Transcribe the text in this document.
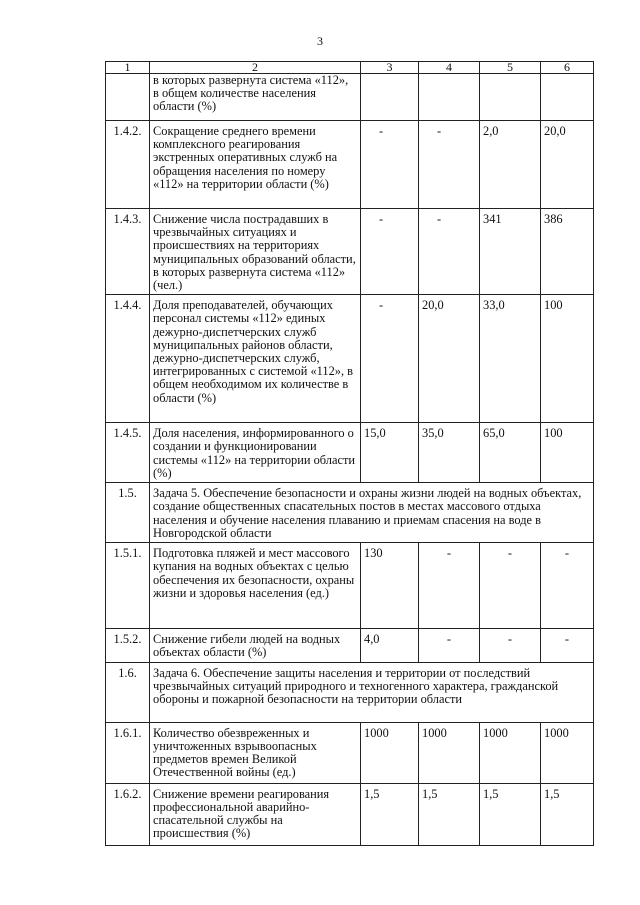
3
1	2	3	4	5	6
	в которых развернута система «112», в общем количестве населения области (%)				
1.4.2.	Сокращение среднего времени комплексного реагирования экстренных оперативных служб на обращения населения по номеру «112» на территории области (%)	-	-	2,0	20,0
1.4.3.	Снижение числа пострадавших в чрезвычайных ситуациях и происшествиях на территориях муниципальных образований области, в которых развернута система «112» (чел.)	-	-	341	386
1.4.4.	Доля преподавателей, обучающих персонал системы «112» единых дежурно-диспетчерских служб муниципальных районов области, дежурно-диспетчерских служб, интегрированных с системой «112», в общем необходимом их количестве в области (%)	-	20,0	33,0	100
1.4.5.	Доля населения, информированного о создании и функционировании системы «112» на территории области (%)	15,0	35,0	65,0	100
1.5.	Задача 5. Обеспечение безопасности и охраны жизни людей на водных объектах, создание общественных спасательных постов в местах массового отдыха населения и обучение населения плаванию и приемам спасения на воде в Новгородской области				
1.5.1.	Подготовка пляжей и мест массового купания на водных объектах с целью обеспечения их безопасности, охраны жизни и здоровья населения (ед.)	130	-	-	-
1.5.2.	Снижение гибели людей на водных объектах области (%)	4,0	-	-	-
1.6.	Задача 6. Обеспечение защиты населения и территории от последствий чрезвычайных ситуаций природного и техногенного характера, гражданской обороны и пожарной безопасности на территории области				
1.6.1.	Количество обезвреженных и уничтоженных взрывоопасных предметов времен Великой Отечественной войны (ед.)	1000	1000	1000	1000
1.6.2.	Снижение времени реагирования профессиональной аварийно-спасательной службы на происшествия (%)	1,5	1,5	1,5	1,5
